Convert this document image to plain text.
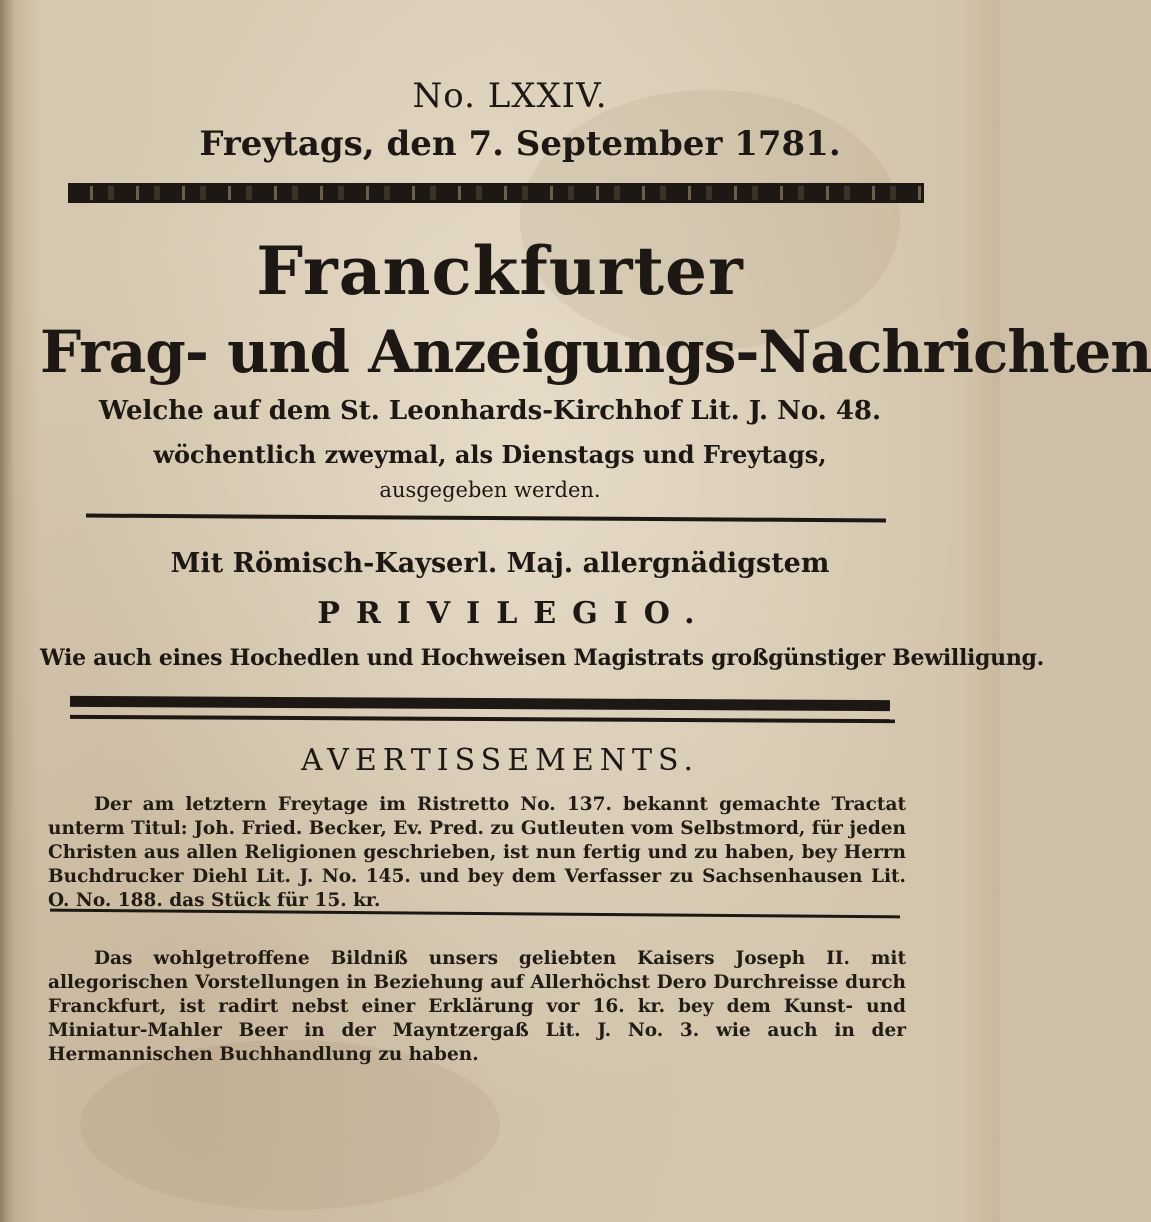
No. LXXIV.
Freytags, den 7. September 1781.
Franckfurter
Frag- und Anzeigungs-Nachrichten
Welche auf dem St. Leonhards-Kirchhof Lit. J. No. 48.
wöchentlich zweymal, als Dienstags und Freytags,
ausgegeben werden.
Mit Römisch-Kayserl. Maj. allergnädigstem
PRIVILEGIO.
Wie auch eines Hochedlen und Hochweisen Magistrats großgünstiger Bewilligung.
AVERTISSEMENTS.
Der am letztern Freytage im Ristretto No. 137. bekannt gemachte Tractat unterm Titul: Joh. Fried. Becker, Ev. Pred. zu Gutleuten vom Selbstmord, für jeden Christen aus allen Religionen geschrieben, ist nun fertig und zu haben, bey Herrn Buchdrucker Diehl Lit. J. No. 145. und bey dem Verfasser zu Sachsenhausen Lit. O. No. 188. das Stück für 15. kr.
Das wohlgetroffene Bildniß unsers geliebten Kaisers Joseph II. mit allegorischen Vorstellungen in Beziehung auf Allerhöchst Dero Durchreisse durch Franckfurt, ist radirt nebst einer Erklärung vor 16. kr. bey dem Kunst- und Miniatur-Mahler Beer in der Mayntzergaß Lit. J. No. 3. wie auch in der Hermannischen Buchhandlung zu haben.
